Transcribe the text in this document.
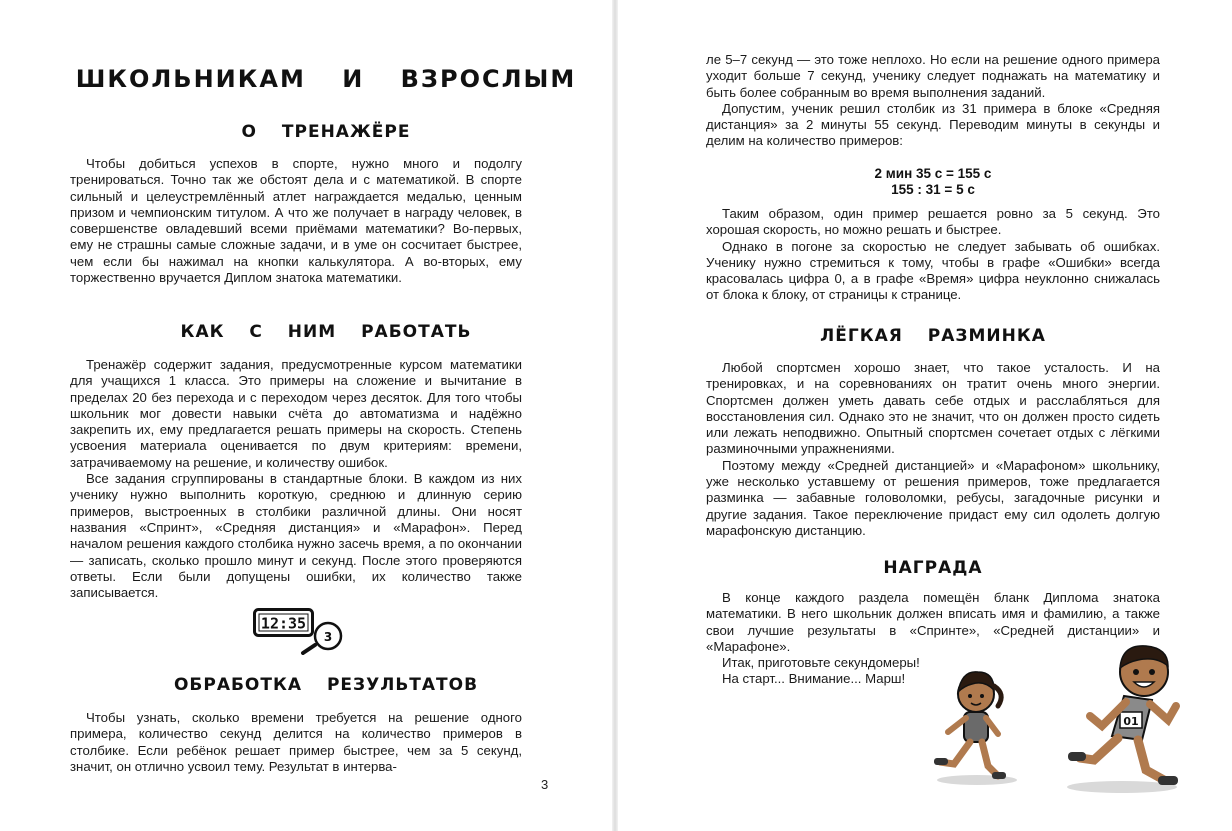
ШКОЛЬНИКАМ И ВЗРОСЛЫМ
О ТРЕНАЖЁРЕ

Чтобы добиться успехов в спорте, нужно много и подолгу тренироваться. Точно так же обстоят дела и с математикой. В спорте сильный и целеустремлённый атлет награждается медалью, ценным призом и чемпионским титулом. А что же получает в награду человек, в совершенстве овладевший всеми приёмами математики? Во-первых, ему не страшны самые сложные задачи, и в уме он сосчитает быстрее, чем если бы нажимал на кнопки калькулятора. А во-вторых, ему торжественно вручается Диплом знатока математики.

КАК С НИМ РАБОТАТЬ

Тренажёр содержит задания, предусмотренные курсом математики для учащихся 1 класса. Это примеры на сложение и вычитание в пределах 20 без перехода и с переходом через десяток. Для того чтобы школьник мог довести навыки счёта до автоматизма и надёжно закрепить их, ему предлагается решать примеры на скорость. Степень усвоения материала оценивается по двум критериям: времени, затрачиваемому на решение, и количеству ошибок.

Все задания сгруппированы в стандартные блоки. В каждом из них ученику нужно выполнить короткую, среднюю и длинную серию примеров, выстроенных в столбики различной длины. Они носят названия «Спринт», «Средняя дистанция» и «Марафон». Перед началом решения каждого столбика нужно засечь время, а по окончании — записать, сколько прошло минут и секунд. После этого проверяются ответы. Если были допущены ошибки, их количество также записывается.

12:35
3
ОБРАБОТКА РЕЗУЛЬТАТОВ

Чтобы узнать, сколько времени требуется на решение одного примера, количество секунд делится на количество примеров в столбике. Если ребёнок решает пример быстрее, чем за 5 секунд, значит, он отлично усвоил тему. Результат в интерва-

3

ле 5–7 секунд — это тоже неплохо. Но если на решение одного примера уходит больше 7 секунд, ученику следует поднажать на математику и быть более собранным во время выполнения заданий.

Допустим, ученик решил столбик из 31 примера в блоке «Средняя дистанция» за 2 минуты 55 секунд. Переводим минуты в секунды и делим на количество примеров:

2 мин 35 с = 155 с
155 : 31 = 5 с

Таким образом, один пример решается ровно за 5 секунд. Это хорошая скорость, но можно решать и быстрее.

Однако в погоне за скоростью не следует забывать об ошибках. Ученику нужно стремиться к тому, чтобы в графе «Ошибки» всегда красовалась цифра 0, а в графе «Время» цифра неуклонно снижалась от блока к блоку, от страницы к странице.

ЛЁГКАЯ РАЗМИНКА

Любой спортсмен хорошо знает, что такое усталость. И на тренировках, и на соревнованиях он тратит очень много энергии. Спортсмен должен уметь давать себе отдых и расслабляться для восстановления сил. Однако это не значит, что он должен просто сидеть или лежать неподвижно. Опытный спортсмен сочетает отдых с лёгкими разминочными упражнениями.

Поэтому между «Средней дистанцией» и «Марафоном» школьнику, уже несколько уставшему от решения примеров, тоже предлагается разминка — забавные головоломки, ребусы, загадочные рисунки и другие задания. Такое переключение придаст ему сил одолеть долгую марафонскую дистанцию.

НАГРАДА

В конце каждого раздела помещён бланк Диплома знатока математики. В него школьник должен вписать имя и фамилию, а также свои лучшие результаты в «Спринте», «Средней дистанции» и «Марафоне».

Итак, приготовьте секундомеры!

На старт... Внимание... Марш!

01
